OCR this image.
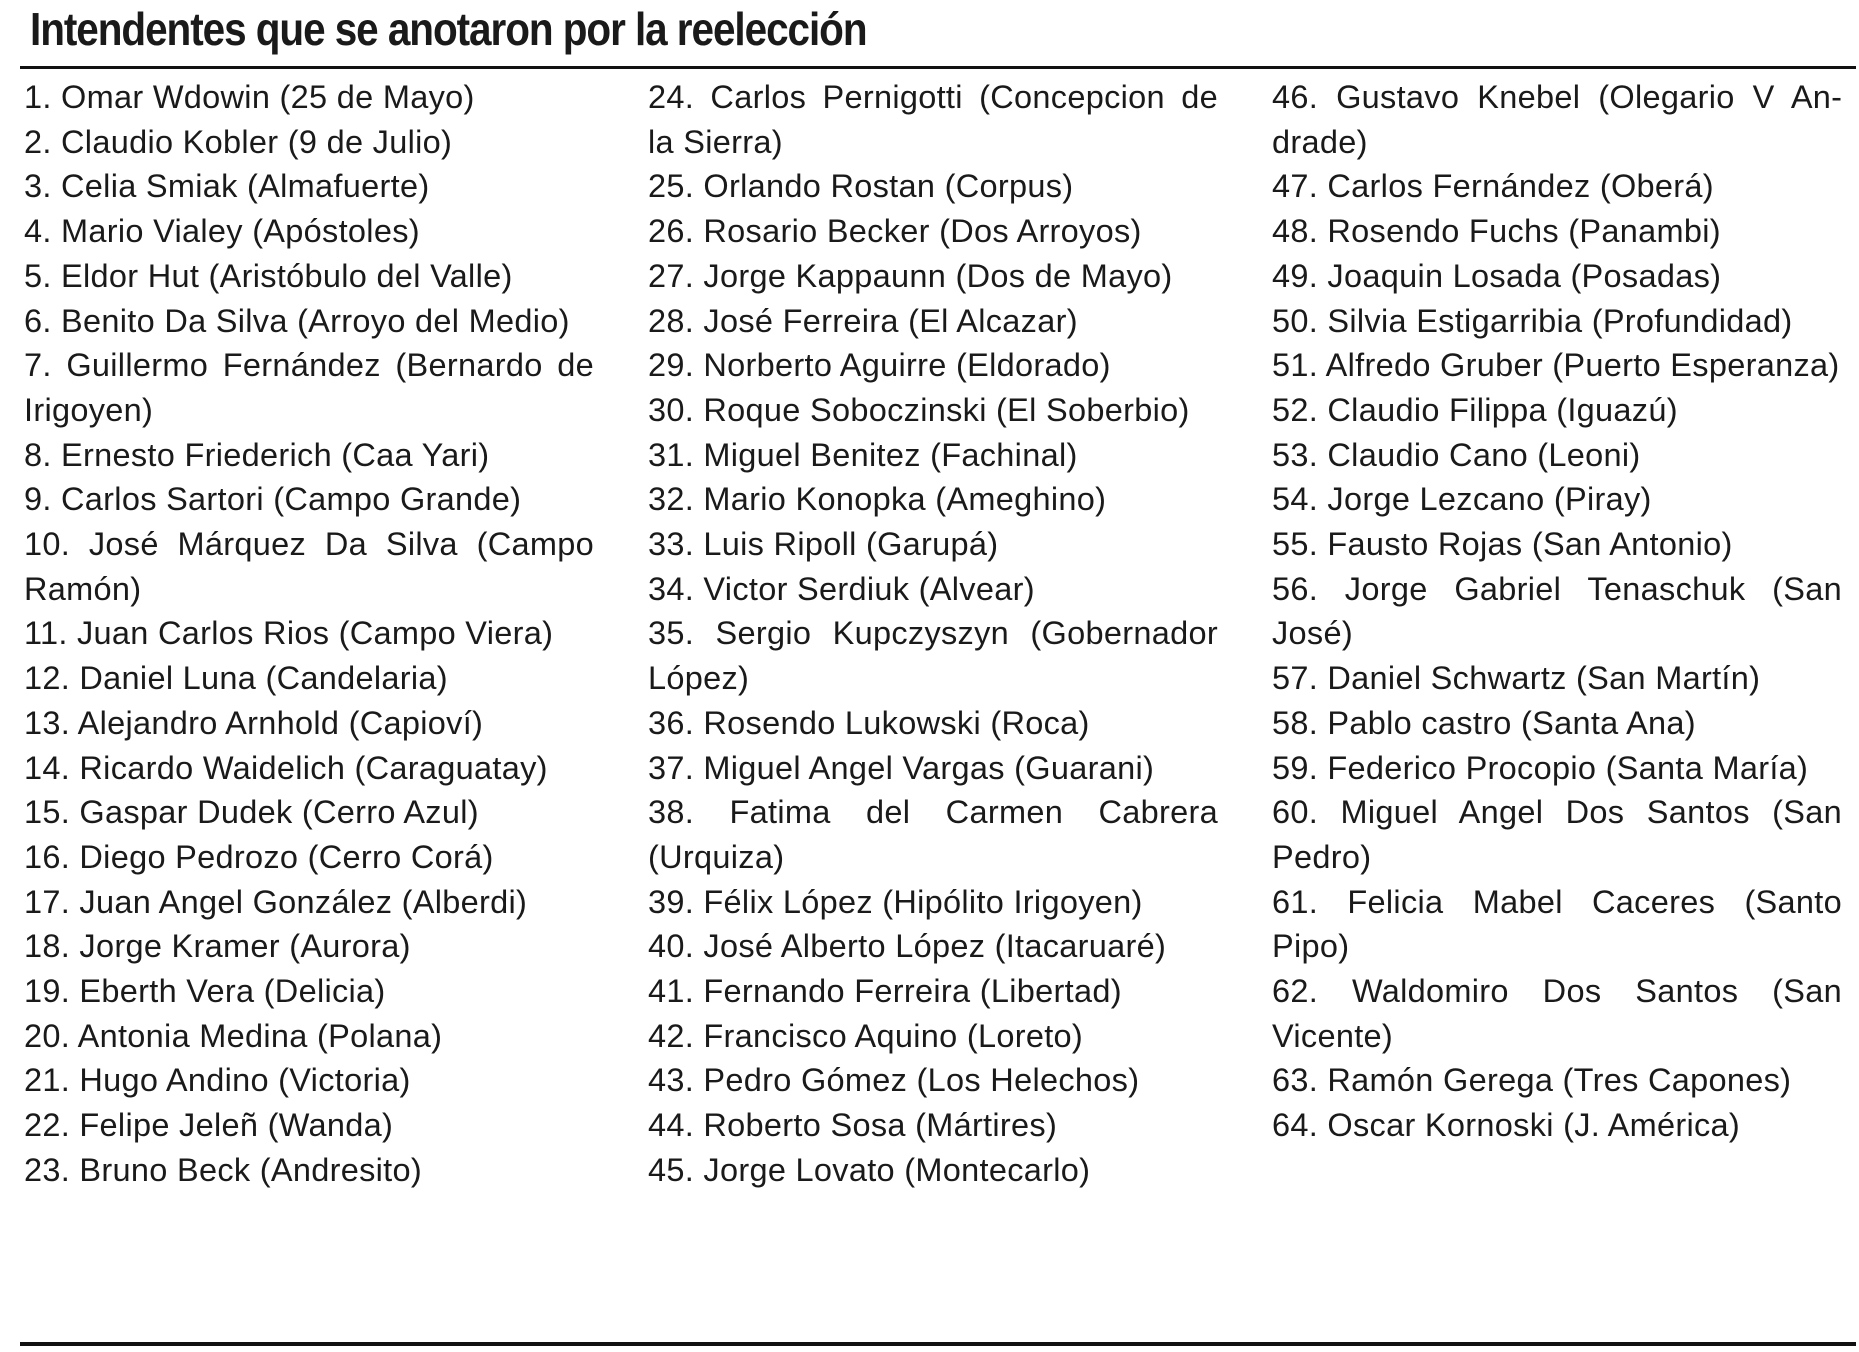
Intendentes que se anotaron por la reelección

1. Omar Wdowin (25 de Mayo)

2. Claudio Kobler (9 de Julio)

3. Celia Smiak (Almafuerte)

4. Mario Vialey (Apóstoles)

5. Eldor Hut (Aristóbulo del Valle)

6. Benito Da Silva (Arroyo del Medio)

7. Guillermo Fernández (Bernardo de Irigoyen)

8. Ernesto Friederich (Caa Yari)

9. Carlos Sartori (Campo Grande)

10. José Márquez Da Silva (Campo Ramón)

11. Juan Carlos Rios (Campo Viera)

12. Daniel Luna (Candelaria)

13. Alejandro Arnhold (Capioví)

14. Ricardo Waidelich (Caraguatay)

15. Gaspar Dudek (Cerro Azul)

16. Diego Pedrozo (Cerro Corá)

17. Juan Angel González (Alberdi)

18. Jorge Kramer (Aurora)

19. Eberth Vera (Delicia)

20. Antonia Medina (Polana)

21. Hugo Andino (Victoria)

22. Felipe Jeleñ (Wanda)

23. Bruno Beck (Andresito)

24. Carlos Pernigotti (Concepcion de la Sierra)

25. Orlando Rostan (Corpus)

26. Rosario Becker (Dos Arroyos)

27. Jorge Kappaunn (Dos de Mayo)

28. José Ferreira (El Alcazar)

29. Norberto Aguirre (Eldorado)

30. Roque Soboczinski (El Soberbio)

31. Miguel Benitez (Fachinal)

32. Mario Konopka (Ameghino)

33. Luis Ripoll (Garupá)

34. Victor Serdiuk (Alvear)

35. Sergio Kupczyszyn (Gobernador López)

36. Rosendo Lukowski (Roca)

37. Miguel Angel Vargas (Guarani)

38. Fatima del Carmen Cabrera (Urquiza)

39. Félix López (Hipólito Irigoyen)

40. José Alberto López (Itacaruaré)

41. Fernando Ferreira (Libertad)

42. Francisco Aquino (Loreto)

43. Pedro Gómez (Los Helechos)

44. Roberto Sosa (Mártires)

45. Jorge Lovato (Montecarlo)

46. Gustavo Knebel (Olegario V Andrade)

47. Carlos Fernández (Oberá)

48. Rosendo Fuchs (Panambi)

49. Joaquin Losada (Posadas)

50. Silvia Estigarribia (Profundidad)

51. Alfredo Gruber (Puerto Esperanza)

52. Claudio Filippa (Iguazú)

53. Claudio Cano (Leoni)

54. Jorge Lezcano (Piray)

55. Fausto Rojas (San Antonio)

56. Jorge Gabriel Tenaschuk (San José)

57. Daniel Schwartz (San Martín)

58. Pablo castro (Santa Ana)

59. Federico Procopio (Santa María)

60. Miguel Angel Dos Santos (San Pedro)

61. Felicia Mabel Caceres (Santo Pipo)

62. Waldomiro Dos Santos (San Vicente)

63. Ramón Gerega (Tres Capones)

64. Oscar Kornoski (J. América)
